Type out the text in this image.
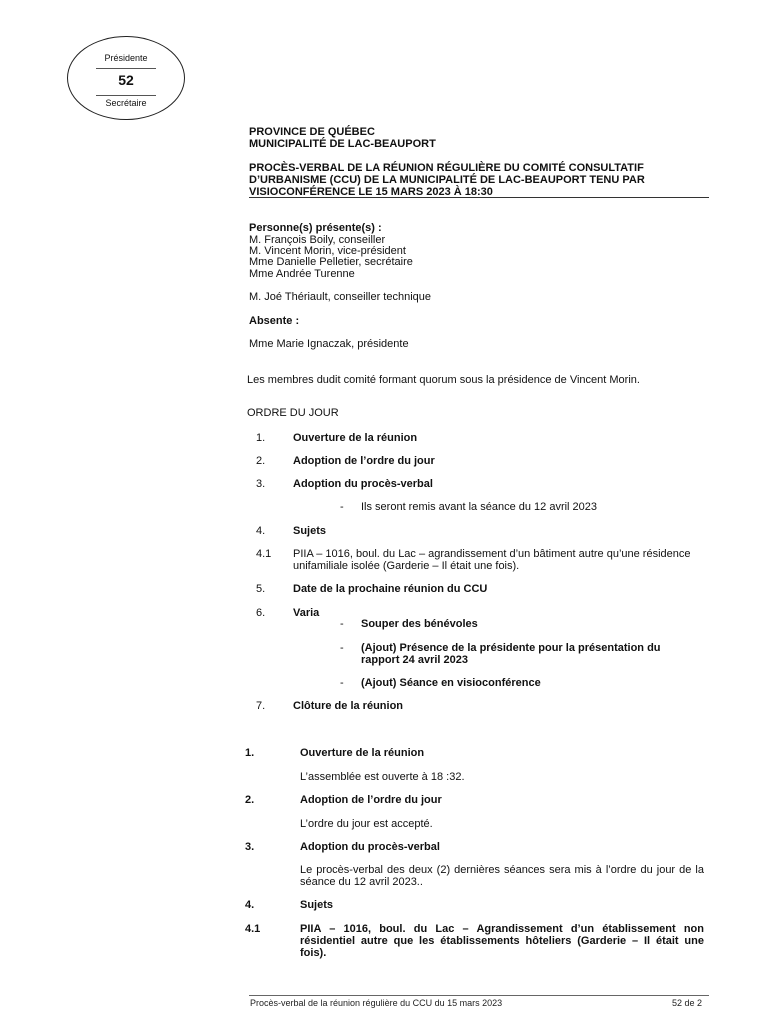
Présidente
52
Secrétaire
PROVINCE DE QUÉBEC
MUNICIPALITÉ DE LAC-BEAUPORT
PROCÈS-VERBAL DE LA RÉUNION RÉGULIÈRE DU COMITÉ CONSULTATIF
D’URBANISME (CCU) DE LA MUNICIPALITÉ DE LAC-BEAUPORT TENU PAR
VISIOCONFÉRENCE LE 15 MARS 2023 À 18:30
Personne(s) présente(s) :
M. François Boily, conseiller
M. Vincent Morin, vice-président
Mme Danielle Pelletier, secrétaire
Mme Andrée Turenne
M. Joé Thériault, conseiller technique
Absente :
Mme Marie Ignaczak, présidente
Les membres dudit comité formant quorum sous la présidence de Vincent Morin.
ORDRE DU JOUR
1.	Ouverture de la réunion
2.	Adoption de l’ordre du jour
3.	Adoption du procès-verbal
- Ils seront remis avant la séance du 12 avril 2023
4.	Sujets
4.1 PIIA – 1016, boul. du Lac – agrandissement d’un bâtiment autre qu’une résidence unifamiliale isolée (Garderie – Il était une fois).
5.	Date de la prochaine réunion du CCU
6.	Varia
- Souper des bénévoles
- (Ajout) Présence de la présidente pour la présentation du rapport 24 avril 2023
- (Ajout) Séance en visioconférence
7.	Clôture de la réunion
1.	Ouverture de la réunion
L’assemblée est ouverte à 18 :32.
2.	Adoption de l’ordre du jour
L’ordre du jour est accepté.
3.	Adoption du procès-verbal
Le procès-verbal des deux (2) dernières séances sera mis à l’ordre du jour de la séance du 12 avril 2023..
4.	Sujets
4.1	PIIA – 1016, boul. du Lac – Agrandissement d’un établissement non résidentiel autre que les établissements hôteliers (Garderie – Il était une fois).
Procès-verbal de la réunion régulière du CCU du 15 mars 2023	52 de 2
